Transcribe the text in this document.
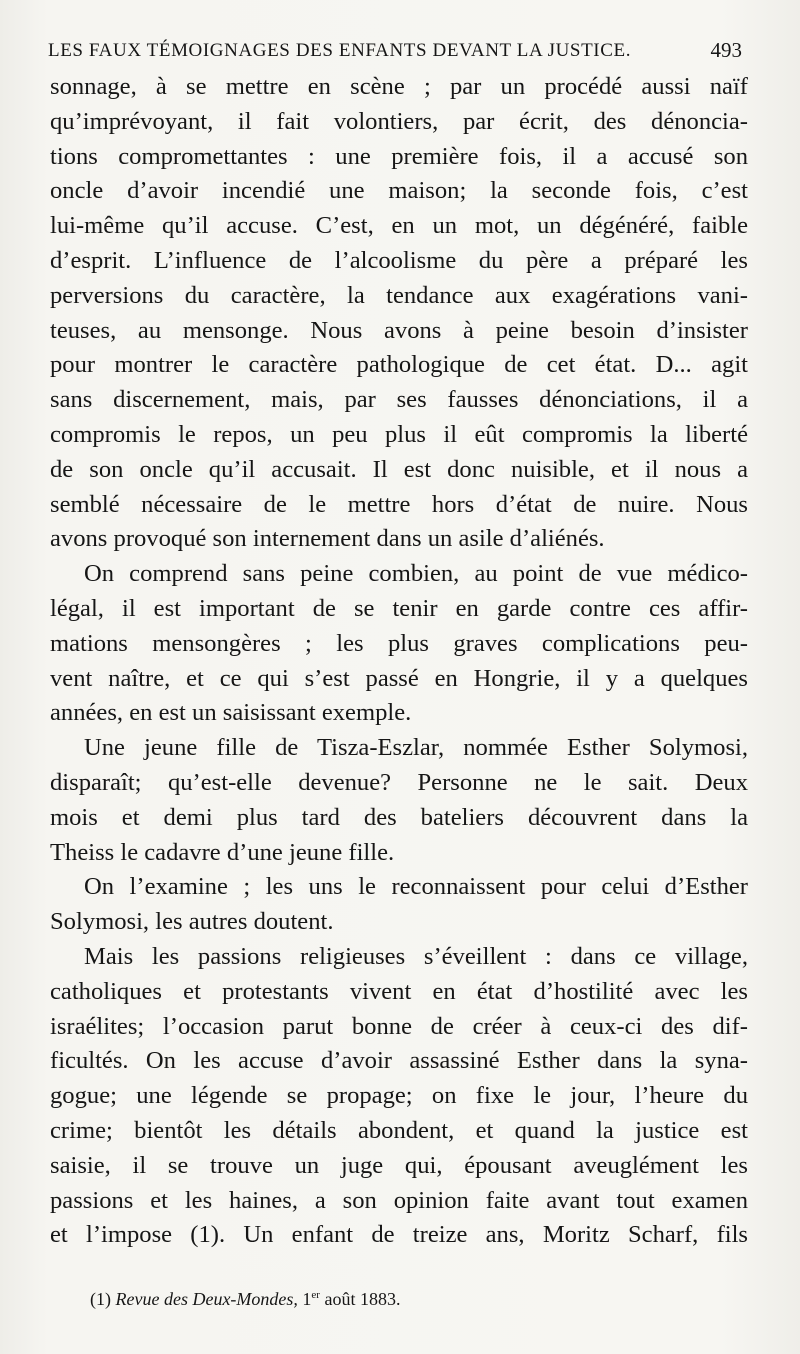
LES FAUX TÉMOIGNAGES DES ENFANTS DEVANT LA JUSTICE.	493
sonnage, à se mettre en scène ; par un procédé aussi naïf
qu’imprévoyant, il fait volontiers, par écrit, des dénoncia-
tions compromettantes : une première fois, il a accusé son
oncle d’avoir incendié une maison; la seconde fois, c’est
lui-même qu’il accuse. C’est, en un mot, un dégénéré, faible
d’esprit. L’influence de l’alcoolisme du père a préparé les
perversions du caractère, la tendance aux exagérations vani-
teuses, au mensonge. Nous avons à peine besoin d’insister
pour montrer le caractère pathologique de cet état. D... agit
sans discernement, mais, par ses fausses dénonciations, il a
compromis le repos, un peu plus il eût compromis la liberté
de son oncle qu’il accusait. Il est donc nuisible, et il nous a
semblé nécessaire de le mettre hors d’état de nuire. Nous
avons provoqué son internement dans un asile d’aliénés.
On comprend sans peine combien, au point de vue médico-
légal, il est important de se tenir en garde contre ces affir-
mations mensongères ; les plus graves complications peu-
vent naître, et ce qui s’est passé en Hongrie, il y a quelques
années, en est un saisissant exemple.
Une jeune fille de Tisza-Eszlar, nommée Esther Solymosi,
disparaît; qu’est-elle devenue? Personne ne le sait. Deux
mois et demi plus tard des bateliers découvrent dans la
Theiss le cadavre d’une jeune fille.
On l’examine ; les uns le reconnaissent pour celui d’Esther
Solymosi, les autres doutent.
Mais les passions religieuses s’éveillent : dans ce village,
catholiques et protestants vivent en état d’hostilité avec les
israélites; l’occasion parut bonne de créer à ceux-ci des dif-
ficultés. On les accuse d’avoir assassiné Esther dans la syna-
gogue; une légende se propage; on fixe le jour, l’heure du
crime; bientôt les détails abondent, et quand la justice est
saisie, il se trouve un juge qui, épousant aveuglément les
passions et les haines, a son opinion faite avant tout examen
et l’impose (1). Un enfant de treize ans, Moritz Scharf, fils
(1) Revue des Deux-Mondes, 1er août 1883.
